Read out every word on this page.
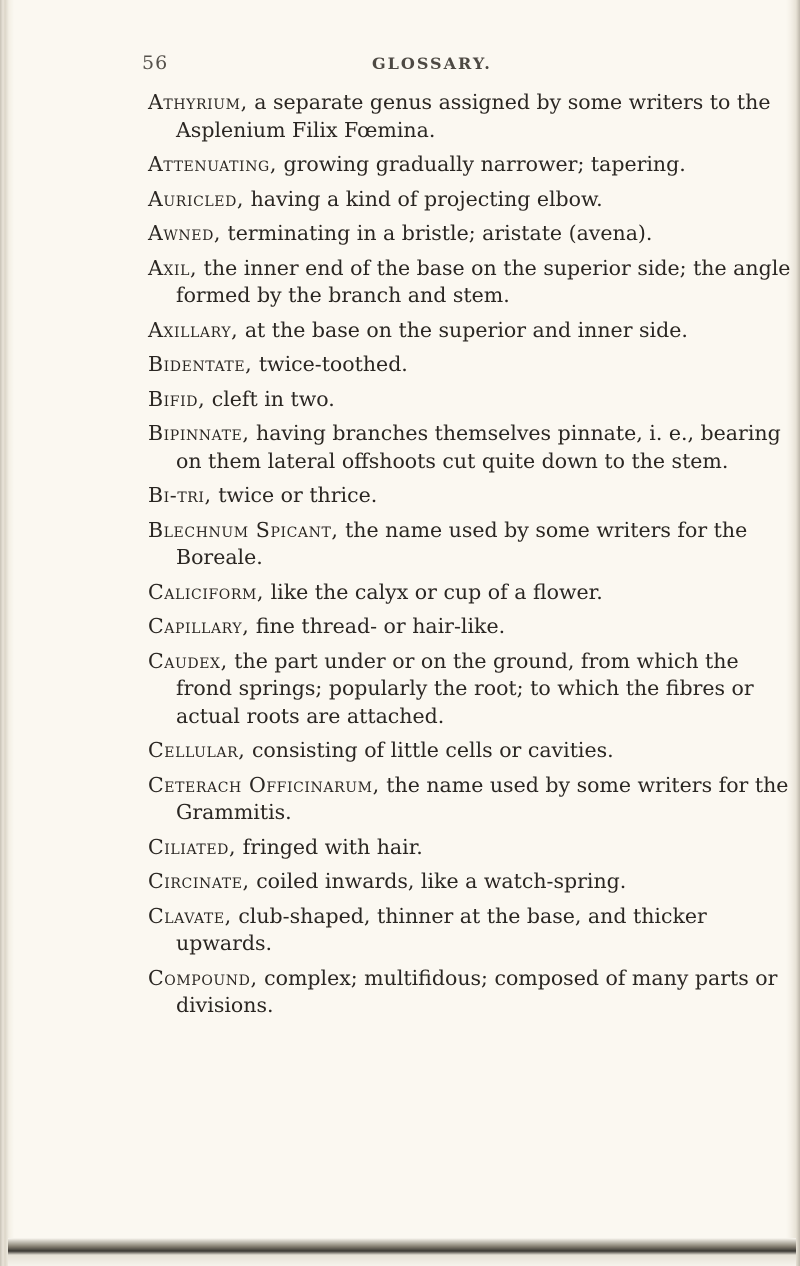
56	GLOSSARY.

Athyrium, a separate genus assigned by some writers to the Asplenium Filix Fœmina.

Attenuating, growing gradually narrower; tapering.

Auricled, having a kind of projecting elbow.

Awned, terminating in a bristle; aristate (avena).

Axil, the inner end of the base on the superior side; the angle formed by the branch and stem.

Axillary, at the base on the superior and inner side.

Bidentate, twice-toothed.

Bifid, cleft in two.

Bipinnate, having branches themselves pinnate, i. e., bearing on them lateral offshoots cut quite down to the stem.

Bi-tri, twice or thrice.

Blechnum Spicant, the name used by some writers for the Boreale.

Caliciform, like the calyx or cup of a flower.

Capillary, fine thread- or hair-like.

Caudex, the part under or on the ground, from which the frond springs; popularly the root; to which the fibres or actual roots are attached.

Cellular, consisting of little cells or cavities.

Ceterach Officinarum, the name used by some writers for the Grammitis.

Ciliated, fringed with hair.

Circinate, coiled inwards, like a watch-spring.

Clavate, club-shaped, thinner at the base, and thicker upwards.

Compound, complex; multifidous; composed of many parts or divisions.
